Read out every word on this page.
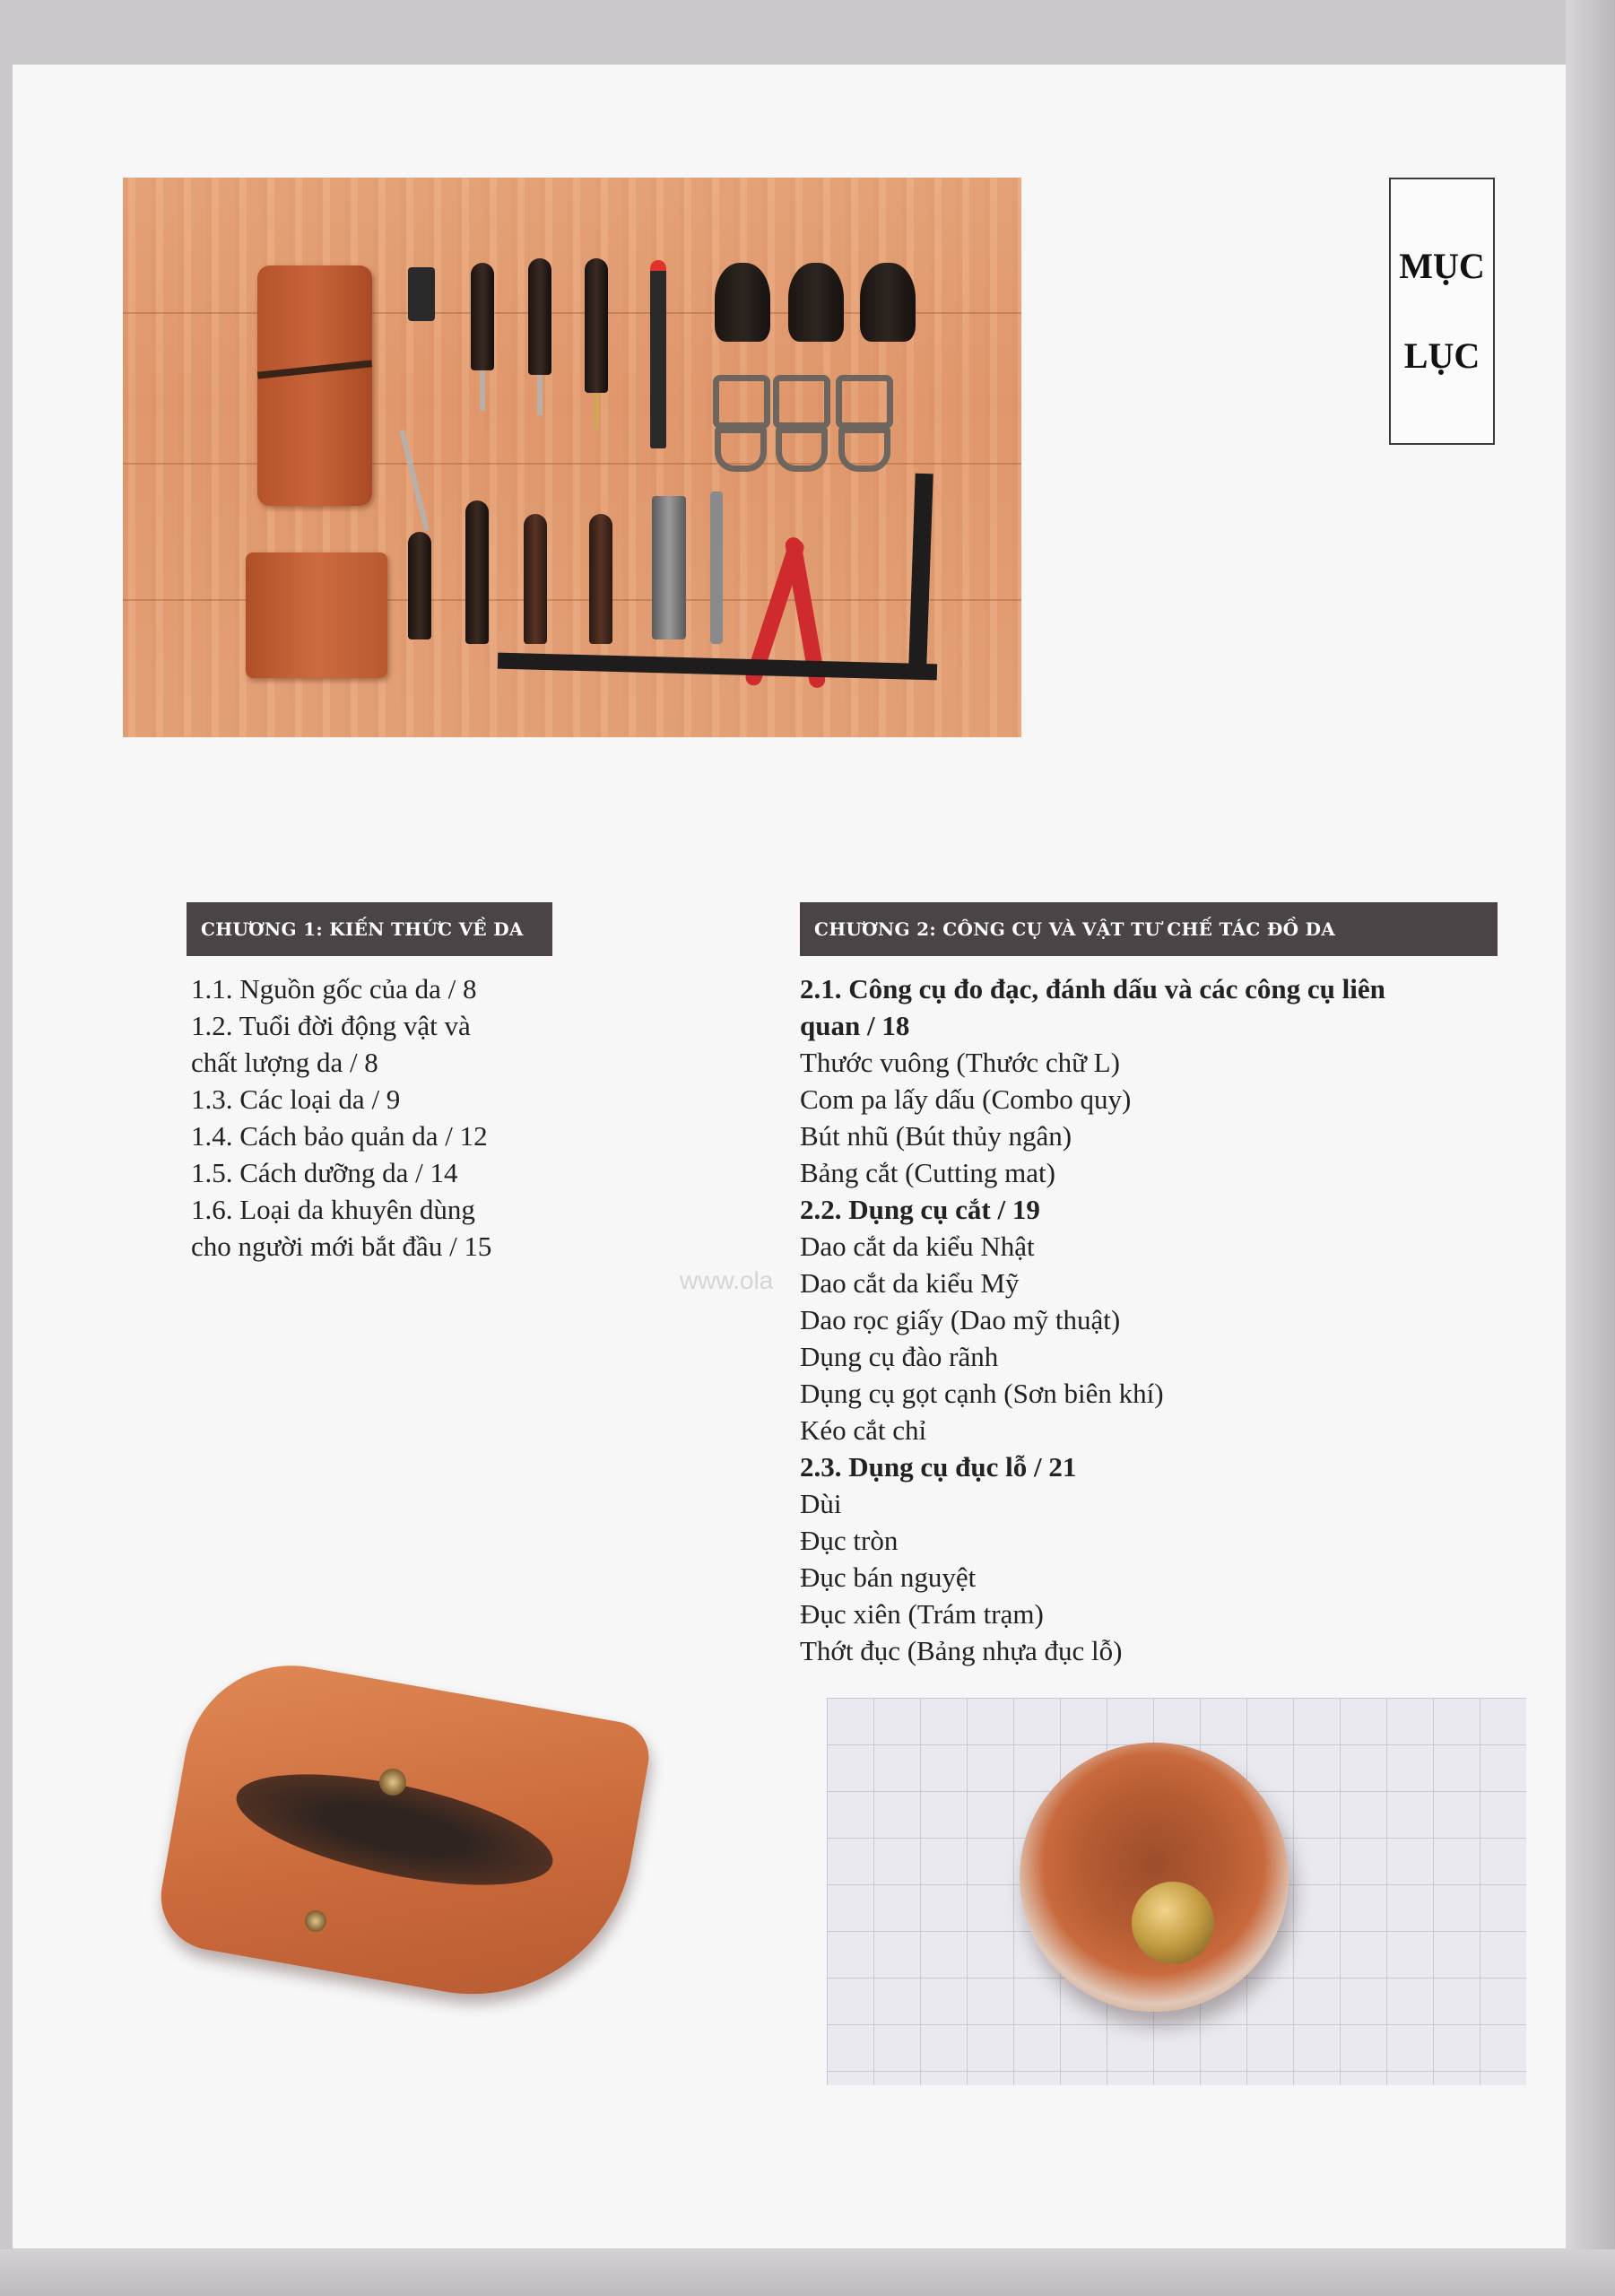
MỤC
LỤC
CHƯƠNG 1: KIẾN THỨC VỀ DA
1.1. Nguồn gốc của da / 8
1.2. Tuổi đời động vật và
chất lượng da / 8
1.3. Các loại da / 9
1.4. Cách bảo quản da / 12
1.5. Cách dưỡng da / 14
1.6. Loại da khuyên dùng
cho người mới bắt đầu / 15
CHƯƠNG 2: CÔNG CỤ VÀ VẬT TƯ CHẾ TÁC ĐỒ DA
2.1. Công cụ đo đạc, đánh dấu và các công cụ liên
quan / 18
Thước vuông (Thước chữ L)
Com pa lấy dấu (Combo quy)
Bút nhũ (Bút thủy ngân)
Bảng cắt (Cutting mat)
2.2. Dụng cụ cắt / 19
Dao cắt da kiểu Nhật
Dao cắt da kiểu Mỹ
Dao rọc giấy (Dao mỹ thuật)
Dụng cụ đào rãnh
Dụng cụ gọt cạnh (Sơn biên khí)
Kéo cắt chỉ
2.3. Dụng cụ đục lỗ / 21
Dùi
Đục tròn
Đục bán nguyệt
Đục xiên (Trám trạm)
Thớt đục (Bảng nhựa đục lỗ)
www.ola
